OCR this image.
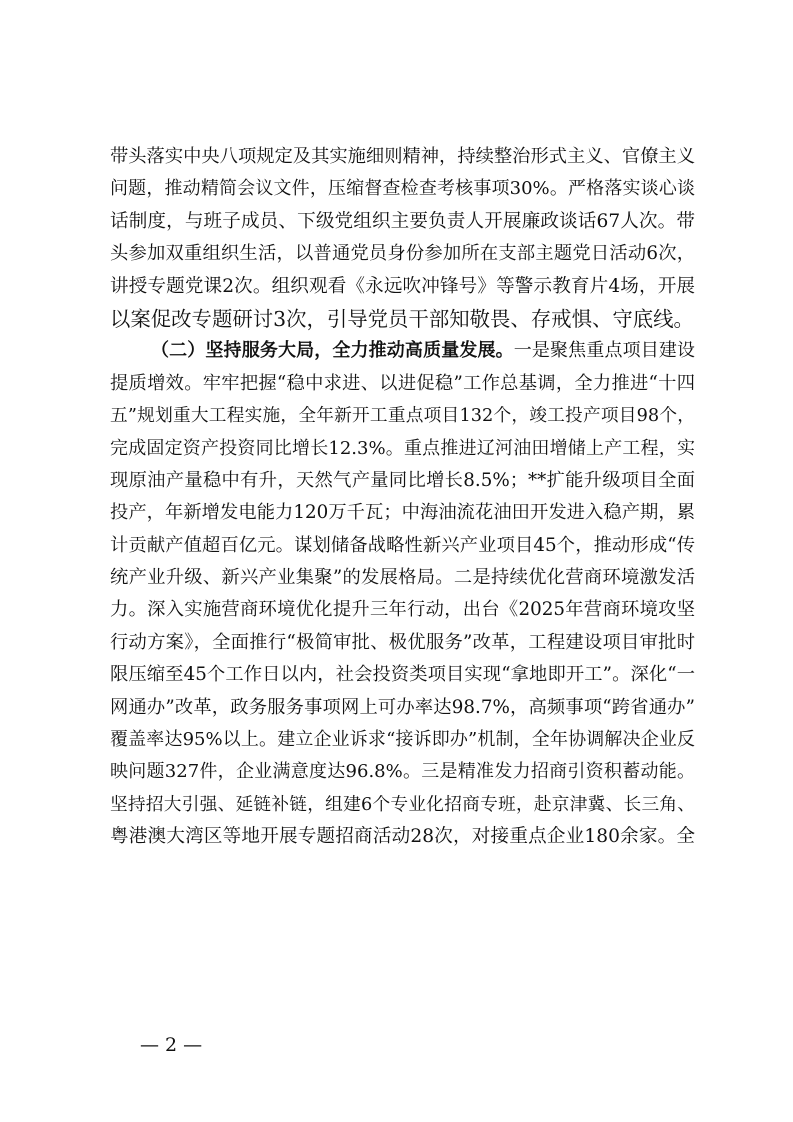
带头落实中央八项规定及其实施细则精神，持续整治形式主义、官僚主义
问题，推动精简会议文件，压缩督查检查考核事项30%。严格落实谈心谈
话制度，与班子成员、下级党组织主要负责人开展廉政谈话67人次。带
头参加双重组织生活，以普通党员身份参加所在支部主题党日活动6次，
讲授专题党课2次。组织观看《永远吹冲锋号》等警示教育片4场，开展
以案促改专题研讨3次，引导党员干部知敬畏、存戒惧、守底线。
（二）坚持服务大局，全力推动高质量发展。一是聚焦重点项目建设
提质增效。牢牢把握“稳中求进、以进促稳”工作总基调，全力推进“十四
五”规划重大工程实施，全年新开工重点项目132个，竣工投产项目98个，
完成固定资产投资同比增长12.3%。重点推进辽河油田增储上产工程，实
现原油产量稳中有升，天然气产量同比增长8.5%；**扩能升级项目全面
投产，年新增发电能力120万千瓦；中海油流花油田开发进入稳产期，累
计贡献产值超百亿元。谋划储备战略性新兴产业项目45个，推动形成“传
统产业升级、新兴产业集聚”的发展格局。二是持续优化营商环境激发活
力。深入实施营商环境优化提升三年行动，出台《2025年营商环境攻坚
行动方案》，全面推行“极简审批、极优服务”改革，工程建设项目审批时
限压缩至45个工作日以内，社会投资类项目实现“拿地即开工”。深化“一
网通办”改革，政务服务事项网上可办率达98.7%，高频事项“跨省通办”
覆盖率达95%以上。建立企业诉求“接诉即办”机制，全年协调解决企业反
映问题327件，企业满意度达96.8%。三是精准发力招商引资积蓄动能。
坚持招大引强、延链补链，组建6个专业化招商专班，赴京津冀、长三角、
粤港澳大湾区等地开展专题招商活动28次，对接重点企业180余家。全
— 2 —
